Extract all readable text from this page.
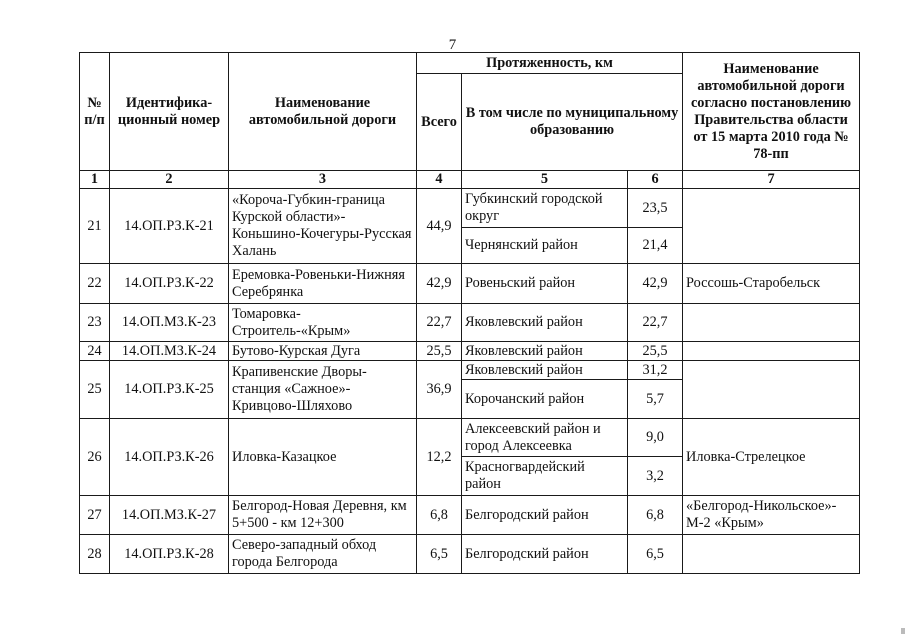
7
№ п/п	Идентифика-ционный номер	Наименование автомобильной дороги	Протяженность, км			Наименование автомобильной дороги согласно постановлению Правительства области от 15 марта 2010 года № 78-пп
			Всего	В том числе по муниципальному образованию		
1	2	3	4	5	6	7
21	14.ОП.РЗ.К-21	«Короча-Губкин-граница Курской области»-Коньшино-Кочегуры-Русская Халань	44,9	Губкинский городской округ	23,5	
				Чернянский район	21,4	
22	14.ОП.РЗ.К-22	Еремовка-Ровеньки-Нижняя Серебрянка	42,9	Ровеньский район	42,9	Россошь-Старобельск
23	14.ОП.МЗ.К-23	Томаровка-Строитель-«Крым»	22,7	Яковлевский район	22,7	
24	14.ОП.МЗ.К-24	Бутово-Курская Дуга	25,5	Яковлевский район	25,5	
25	14.ОП.РЗ.К-25	Крапивенские Дворы-станция «Сажное»-Кривцово-Шляхово	36,9	Яковлевский район	31,2	
				Корочанский район	5,7	
26	14.ОП.РЗ.К-26	Иловка-Казацкое	12,2	Алексеевский район и город Алексеевка	9,0	Иловка-Стрелецкое
				Красногвардейский район	3,2	
27	14.ОП.МЗ.К-27	Белгород-Новая Деревня, км 5+500 - км 12+300	6,8	Белгородский район	6,8	«Белгород-Никольское»-М-2 «Крым»
28	14.ОП.РЗ.К-28	Северо-западный обход города Белгорода	6,5	Белгородский район	6,5	
